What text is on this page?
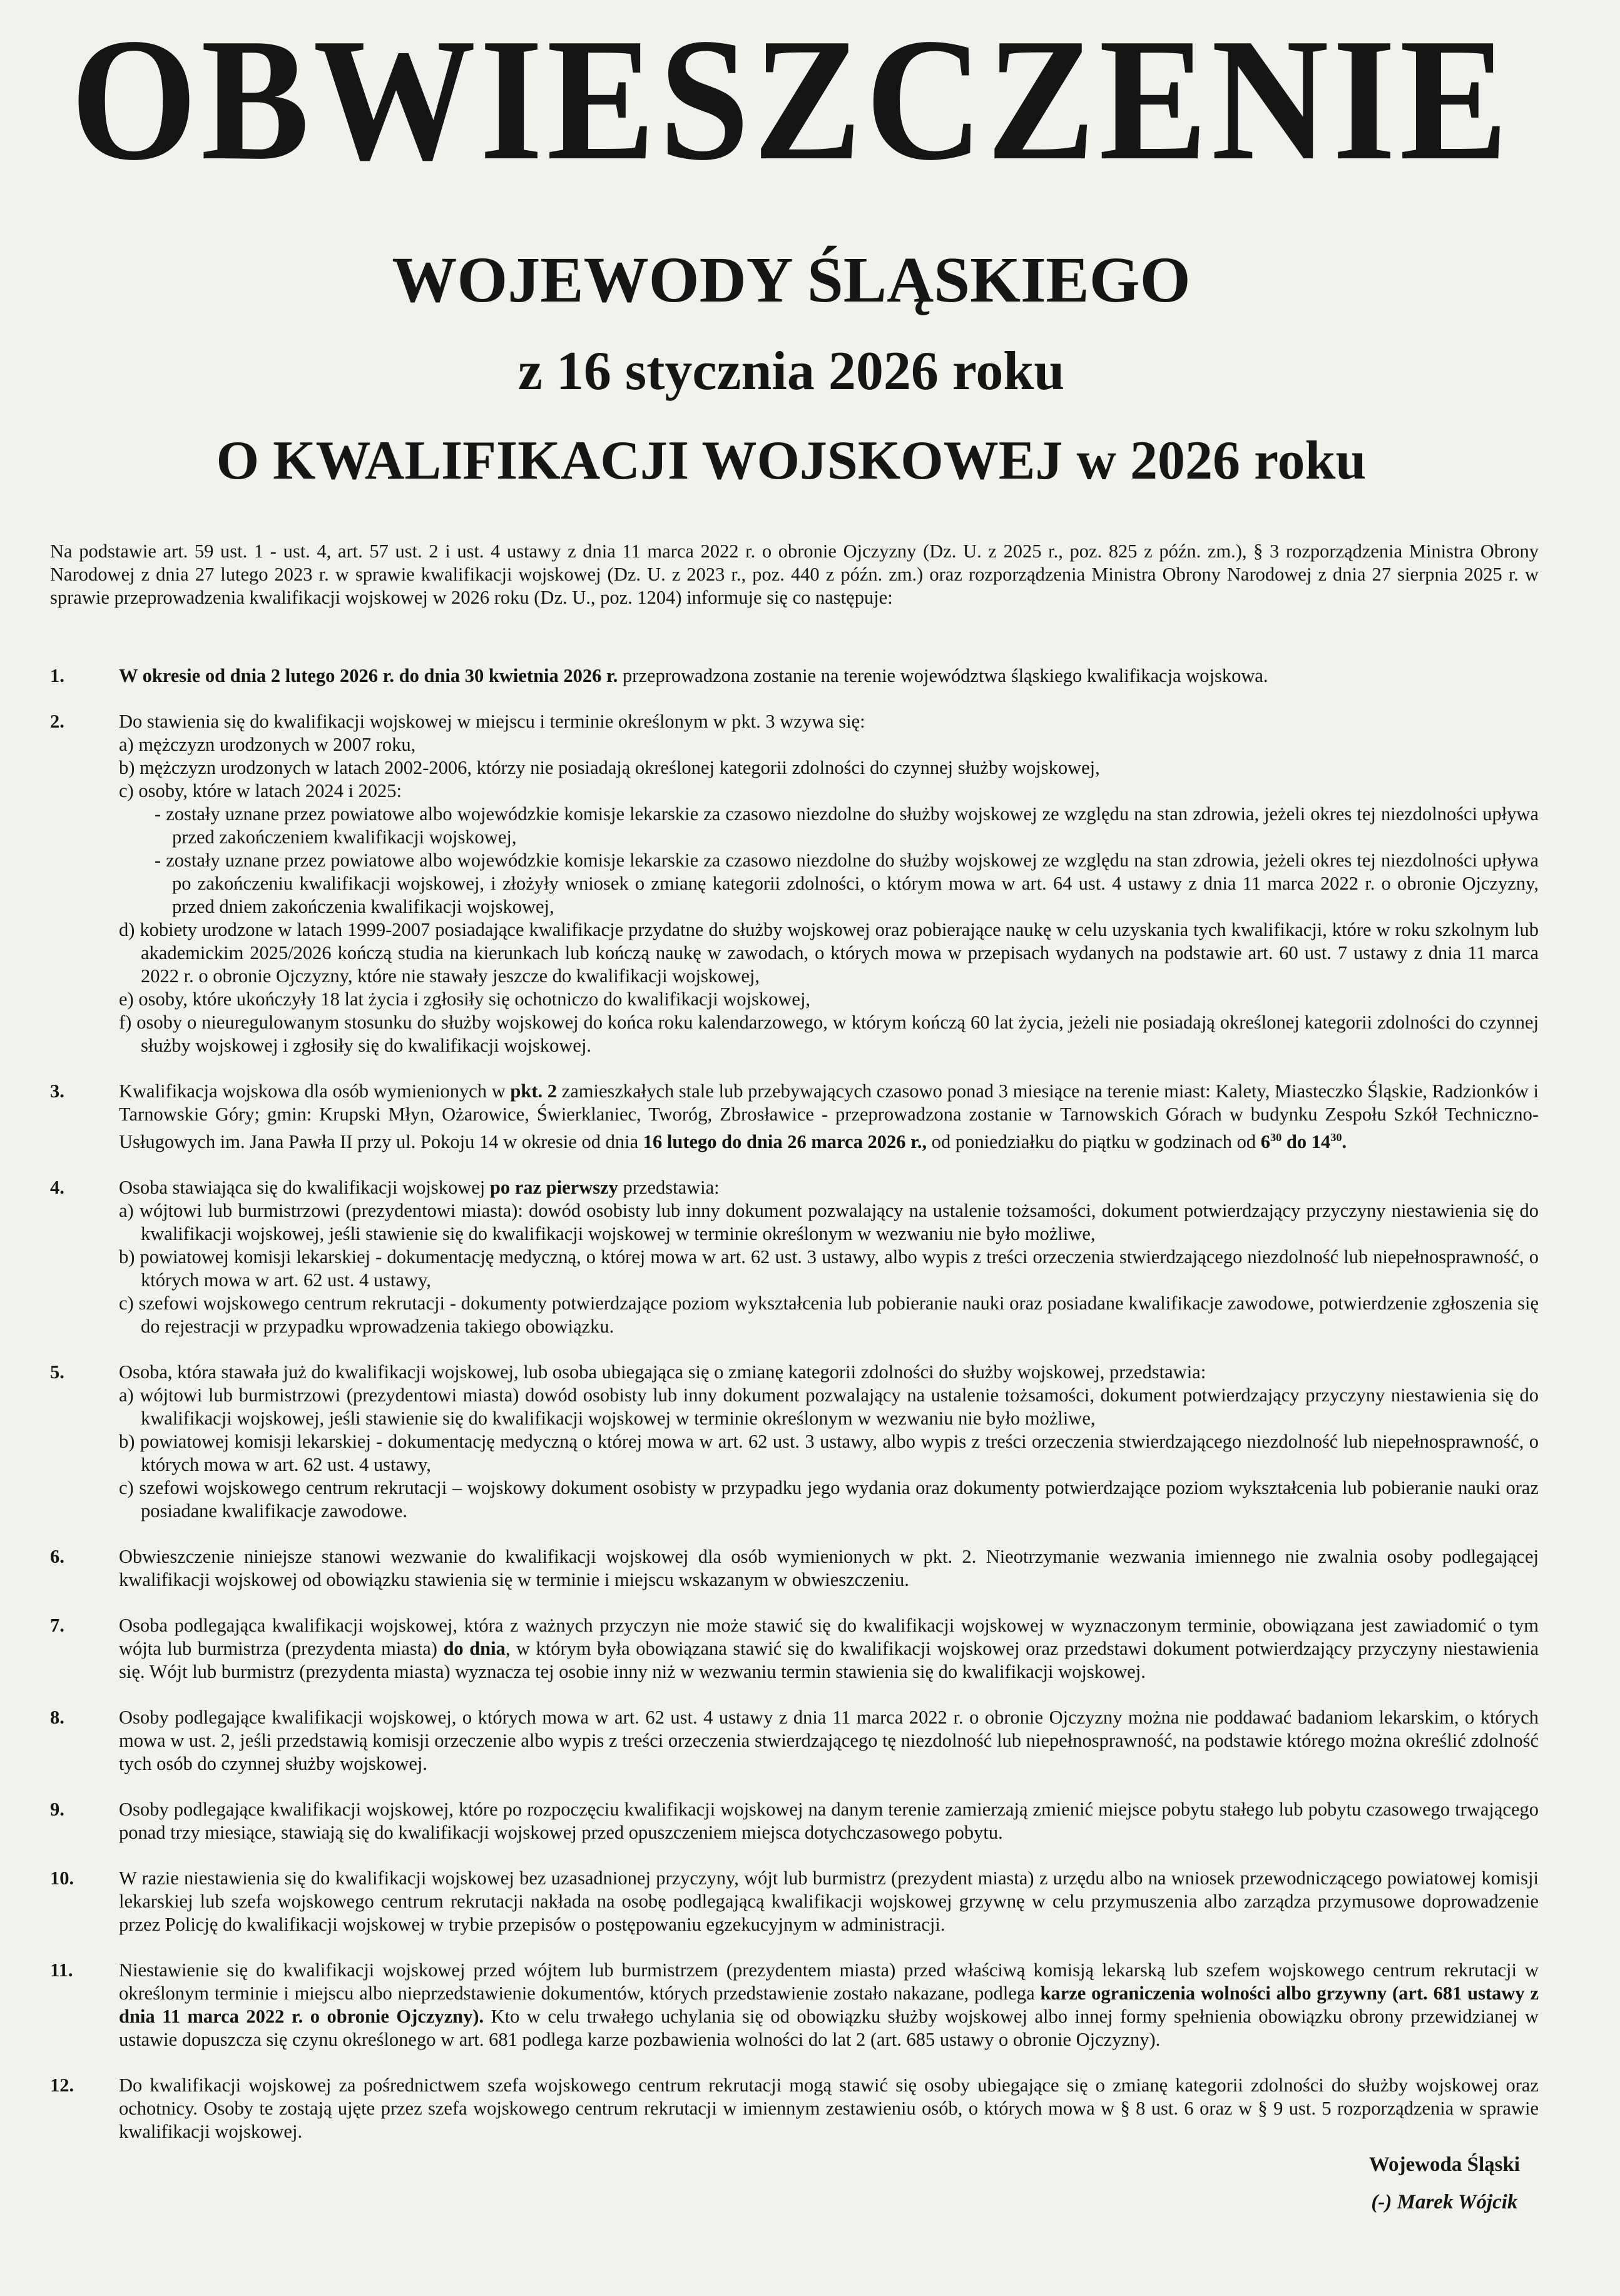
OBWIESZCZENIE
WOJEWODY ŚLĄSKIEGO
z 16 stycznia 2026 roku
O KWALIFIKACJI WOJSKOWEJ w 2026 roku

Na podstawie art. 59 ust. 1 - ust. 4, art. 57 ust. 2 i ust. 4 ustawy z dnia 11 marca 2022 r. o obronie Ojczyzny (Dz. U. z 2025 r., poz. 825 z późn. zm.), § 3 rozporządzenia Ministra Obrony Narodowej z dnia 27 lutego 2023 r. w sprawie kwalifikacji wojskowej (Dz. U. z 2023 r., poz. 440 z późn. zm.) oraz rozporządzenia Ministra Obrony Narodowej z dnia 27 sierpnia 2025 r. w sprawie przeprowadzenia kwalifikacji wojskowej w 2026 roku (Dz. U., poz. 1204) informuje się co następuje:

1.	W okresie od dnia 2 lutego 2026 r. do dnia 30 kwietnia 2026 r. przeprowadzona zostanie na terenie województwa śląskiego kwalifikacja wojskowa.
2.	Do stawienia się do kwalifikacji wojskowej w miejscu i terminie określonym w pkt. 3 wzywa się:

a) mężczyzn urodzonych w 2007 roku,

b) mężczyzn urodzonych w latach 2002-2006, którzy nie posiadają określonej kategorii zdolności do czynnej służby wojskowej,

c) osoby, które w latach 2024 i 2025:

- zostały uznane przez powiatowe albo wojewódzkie komisje lekarskie za czasowo niezdolne do służby wojskowej ze względu na stan zdrowia, jeżeli okres tej niezdolności upływa przed zakończeniem kwalifikacji wojskowej,

- zostały uznane przez powiatowe albo wojewódzkie komisje lekarskie za czasowo niezdolne do służby wojskowej ze względu na stan zdrowia, jeżeli okres tej niezdolności upływa po zakończeniu kwalifikacji wojskowej, i złożyły wniosek o zmianę kategorii zdolności, o którym mowa w art. 64 ust. 4 ustawy z dnia 11 marca 2022 r. o obronie Ojczyzny, przed dniem zakończenia kwalifikacji wojskowej,

d) kobiety urodzone w latach 1999-2007 posiadające kwalifikacje przydatne do służby wojskowej oraz pobierające naukę w celu uzyskania tych kwalifikacji, które w roku szkolnym lub akademickim 2025/2026 kończą studia na kierunkach lub kończą naukę w zawodach, o których mowa w przepisach wydanych na podstawie art. 60 ust. 7 ustawy z dnia 11 marca 2022 r. o obronie Ojczyzny, które nie stawały jeszcze do kwalifikacji wojskowej,

e) osoby, które ukończyły 18 lat życia i zgłosiły się ochotniczo do kwalifikacji wojskowej,

f) osoby o nieuregulowanym stosunku do służby wojskowej do końca roku kalendarzowego, w którym kończą 60 lat życia, jeżeli nie posiadają określonej kategorii zdolności do czynnej służby wojskowej i zgłosiły się do kwalifikacji wojskowej.

3.	Kwalifikacja wojskowa dla osób wymienionych w pkt. 2 zamieszkałych stale lub przebywających czasowo ponad 3 miesiące na terenie miast: Kalety, Miasteczko Śląskie, Radzionków i Tarnowskie Góry; gmin: Krupski Młyn, Ożarowice, Świerklaniec, Tworóg, Zbrosławice - przeprowadzona zostanie w Tarnowskich Górach w budynku Zespołu Szkół Techniczno-Usługowych im. Jana Pawła II przy ul. Pokoju 14 w okresie od dnia 16 lutego do dnia 26 marca 2026 r., od poniedziałku do piątku w godzinach od $6^{30}$ do $14^{30}$.
4.	Osoba stawiająca się do kwalifikacji wojskowej po raz pierwszy przedstawia:

a) wójtowi lub burmistrzowi (prezydentowi miasta): dowód osobisty lub inny dokument pozwalający na ustalenie tożsamości, dokument potwierdzający przyczyny niestawienia się do kwalifikacji wojskowej, jeśli stawienie się do kwalifikacji wojskowej w terminie określonym w wezwaniu nie było możliwe,

b) powiatowej komisji lekarskiej - dokumentację medyczną, o której mowa w art. 62 ust. 3 ustawy, albo wypis z treści orzeczenia stwierdzającego niezdolność lub niepełnosprawność, o których mowa w art. 62 ust. 4 ustawy,

c) szefowi wojskowego centrum rekrutacji - dokumenty potwierdzające poziom wykształcenia lub pobieranie nauki oraz posiadane kwalifikacje zawodowe, potwierdzenie zgłoszenia się do rejestracji w przypadku wprowadzenia takiego obowiązku.

5.	Osoba, która stawała już do kwalifikacji wojskowej, lub osoba ubiegająca się o zmianę kategorii zdolności do służby wojskowej, przedstawia:

a) wójtowi lub burmistrzowi (prezydentowi miasta) dowód osobisty lub inny dokument pozwalający na ustalenie tożsamości, dokument potwierdzający przyczyny niestawienia się do kwalifikacji wojskowej, jeśli stawienie się do kwalifikacji wojskowej w terminie określonym w wezwaniu nie było możliwe,

b) powiatowej komisji lekarskiej - dokumentację medyczną o której mowa w art. 62 ust. 3 ustawy, albo wypis z treści orzeczenia stwierdzającego niezdolność lub niepełnosprawność, o których mowa w art. 62 ust. 4 ustawy,

c) szefowi wojskowego centrum rekrutacji – wojskowy dokument osobisty w przypadku jego wydania oraz dokumenty potwierdzające poziom wykształcenia lub pobieranie nauki oraz posiadane kwalifikacje zawodowe.

6.	Obwieszczenie niniejsze stanowi wezwanie do kwalifikacji wojskowej dla osób wymienionych w pkt. 2. Nieotrzymanie wezwania imiennego nie zwalnia osoby podlegającej kwalifikacji wojskowej od obowiązku stawienia się w terminie i miejscu wskazanym w obwieszczeniu.
7.	Osoba podlegająca kwalifikacji wojskowej, która z ważnych przyczyn nie może stawić się do kwalifikacji wojskowej w wyznaczonym terminie, obowiązana jest zawiadomić o tym wójta lub burmistrza (prezydenta miasta) do dnia, w którym była obowiązana stawić się do kwalifikacji wojskowej oraz przedstawi dokument potwierdzający przyczyny niestawienia się. Wójt lub burmistrz (prezydenta miasta) wyznacza tej osobie inny niż w wezwaniu termin stawienia się do kwalifikacji wojskowej.
8.	Osoby podlegające kwalifikacji wojskowej, o których mowa w art. 62 ust. 4 ustawy z dnia 11 marca 2022 r. o obronie Ojczyzny można nie poddawać badaniom lekarskim, o których mowa w ust. 2, jeśli przedstawią komisji orzeczenie albo wypis z treści orzeczenia stwierdzającego tę niezdolność lub niepełnosprawność, na podstawie którego można określić zdolność tych osób do czynnej służby wojskowej.
9.	Osoby podlegające kwalifikacji wojskowej, które po rozpoczęciu kwalifikacji wojskowej na danym terenie zamierzają zmienić miejsce pobytu stałego lub pobytu czasowego trwającego ponad trzy miesiące, stawiają się do kwalifikacji wojskowej przed opuszczeniem miejsca dotychczasowego pobytu.
10.	W razie niestawienia się do kwalifikacji wojskowej bez uzasadnionej przyczyny, wójt lub burmistrz (prezydent miasta) z urzędu albo na wniosek przewodniczącego powiatowej komisji lekarskiej lub szefa wojskowego centrum rekrutacji nakłada na osobę podlegającą kwalifikacji wojskowej grzywnę w celu przymuszenia albo zarządza przymusowe doprowadzenie przez Policję do kwalifikacji wojskowej w trybie przepisów o postępowaniu egzekucyjnym w administracji.
11.	Niestawienie się do kwalifikacji wojskowej przed wójtem lub burmistrzem (prezydentem miasta) przed właściwą komisją lekarską lub szefem wojskowego centrum rekrutacji w określonym terminie i miejscu albo nieprzedstawienie dokumentów, których przedstawienie zostało nakazane, podlega karze ograniczenia wolności albo grzywny (art. 681 ustawy z dnia 11 marca 2022 r. o obronie Ojczyzny). Kto w celu trwałego uchylania się od obowiązku służby wojskowej albo innej formy spełnienia obowiązku obrony przewidzianej w ustawie dopuszcza się czynu określonego w art. 681 podlega karze pozbawienia wolności do lat 2 (art. 685 ustawy o obronie Ojczyzny).
12.	Do kwalifikacji wojskowej za pośrednictwem szefa wojskowego centrum rekrutacji mogą stawić się osoby ubiegające się o zmianę kategorii zdolności do służby wojskowej oraz ochotnicy. Osoby te zostają ujęte przez szefa wojskowego centrum rekrutacji w imiennym zestawieniu osób, o których mowa w § 8 ust. 6 oraz w § 9 ust. 5 rozporządzenia w sprawie kwalifikacji wojskowej.
Wojewoda Śląski
(-) Marek Wójcik
